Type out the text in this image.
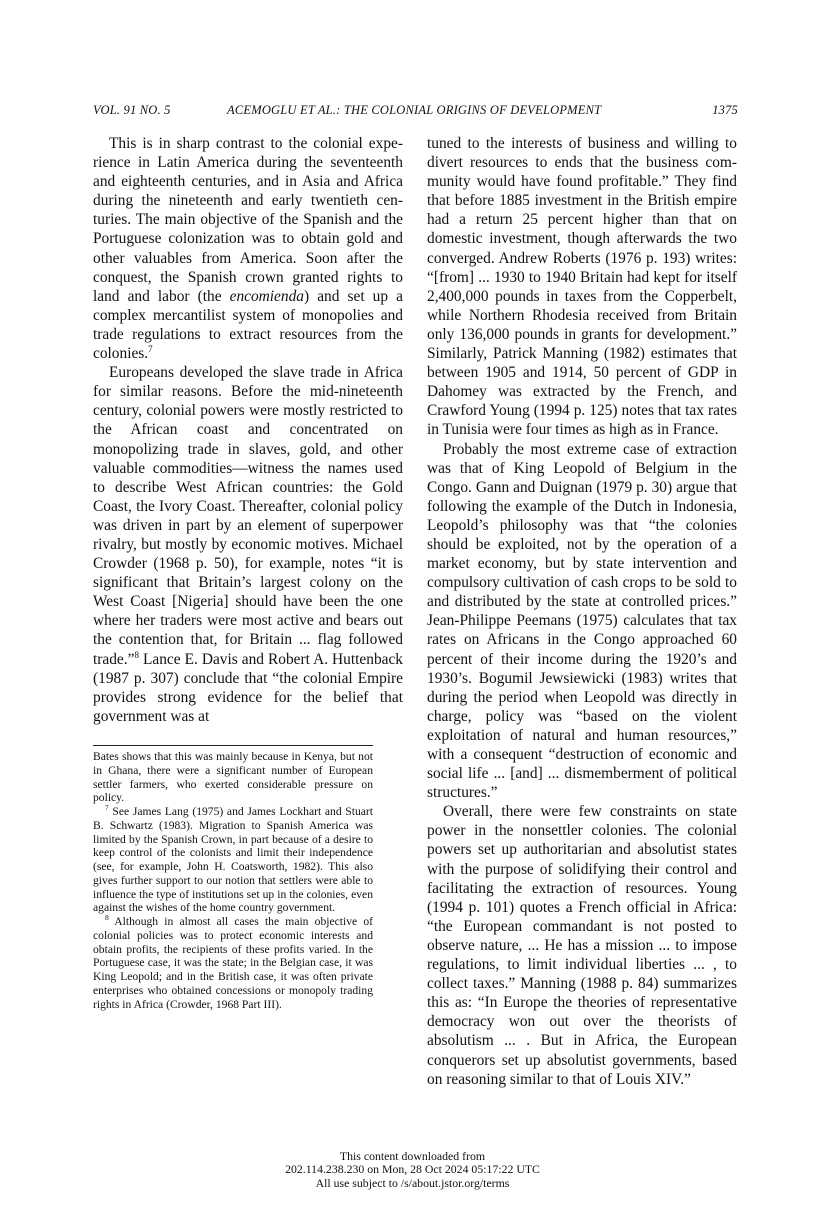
VOL. 91 NO. 5	ACEMOGLU ET AL.: THE COLONIAL ORIGINS OF DEVELOPMENT	1375

This is in sharp contrast to the colonial experience in Latin America during the seventeenth and eighteenth centuries, and in Asia and Africa during the nineteenth and early twentieth centuries. The main objective of the Spanish and the Portuguese colonization was to obtain gold and other valuables from America. Soon after the conquest, the Spanish crown granted rights to land and labor (the encomienda) and set up a complex mercantilist system of monopolies and trade regulations to extract resources from the colonies.$^7$

Europeans developed the slave trade in Africa for similar reasons. Before the mid-nineteenth century, colonial powers were mostly restricted to the African coast and concentrated on monopolizing trade in slaves, gold, and other valuable commodities—witness the names used to describe West African countries: the Gold Coast, the Ivory Coast. Thereafter, colonial policy was driven in part by an element of superpower rivalry, but mostly by economic motives. Michael Crowder (1968 p. 50), for example, notes “it is significant that Britain’s largest colony on the West Coast [Nigeria] should have been the one where her traders were most active and bears out the contention that, for Britain ... flag followed trade.”$^8$ Lance E. Davis and Robert A. Huttenback (1987 p. 307) conclude that “the colonial Empire provides strong evidence for the belief that government was at

tuned to the interests of business and willing to divert resources to ends that the business community would have found profitable.” They find that before 1885 investment in the British empire had a return 25 percent higher than that on domestic investment, though afterwards the two converged. Andrew Roberts (1976 p. 193) writes: “[from] ... 1930 to 1940 Britain had kept for itself 2,400,000 pounds in taxes from the Copperbelt, while Northern Rhodesia received from Britain only 136,000 pounds in grants for development.” Similarly, Patrick Manning (1982) estimates that between 1905 and 1914, 50 percent of GDP in Dahomey was extracted by the French, and Crawford Young (1994 p. 125) notes that tax rates in Tunisia were four times as high as in France.

Probably the most extreme case of extraction was that of King Leopold of Belgium in the Congo. Gann and Duignan (1979 p. 30) argue that following the example of the Dutch in Indonesia, Leopold’s philosophy was that “the colonies should be exploited, not by the operation of a market economy, but by state intervention and compulsory cultivation of cash crops to be sold to and distributed by the state at controlled prices.” Jean-Philippe Peemans (1975) calculates that tax rates on Africans in the Congo approached 60 percent of their income during the 1920’s and 1930’s. Bogumil Jewsiewicki (1983) writes that during the period when Leopold was directly in charge, policy was “based on the violent exploitation of natural and human resources,” with a consequent “destruction of economic and social life ... [and] ... dismemberment of political structures.”

Overall, there were few constraints on state power in the nonsettler colonies. The colonial powers set up authoritarian and absolutist states with the purpose of solidifying their control and facilitating the extraction of resources. Young (1994 p. 101) quotes a French official in Africa: “the European commandant is not posted to observe nature, ... He has a mission ... to impose regulations, to limit individual liberties ... , to collect taxes.” Manning (1988 p. 84) summarizes this as: “In Europe the theories of representative democracy won out over the theorists of absolutism ... . But in Africa, the European conquerors set up absolutist governments, based on reasoning similar to that of Louis XIV.”

Bates shows that this was mainly because in Kenya, but not in Ghana, there were a significant number of European settler farmers, who exerted considerable pressure on policy.

$^7$ See James Lang (1975) and James Lockhart and Stuart B. Schwartz (1983). Migration to Spanish America was limited by the Spanish Crown, in part because of a desire to keep control of the colonists and limit their independence (see, for example, John H. Coatsworth, 1982). This also gives further support to our notion that settlers were able to influence the type of institutions set up in the colonies, even against the wishes of the home country government.

$^8$ Although in almost all cases the main objective of colonial policies was to protect economic interests and obtain profits, the recipients of these profits varied. In the Portuguese case, it was the state; in the Belgian case, it was King Leopold; and in the British case, it was often private enterprises who obtained concessions or monopoly trading rights in Africa (Crowder, 1968 Part III).

This content downloaded from
202.114.238.230 on Mon, 28 Oct 2024 05:17:22 UTC
All use subject to /s/about.jstor.org/terms
